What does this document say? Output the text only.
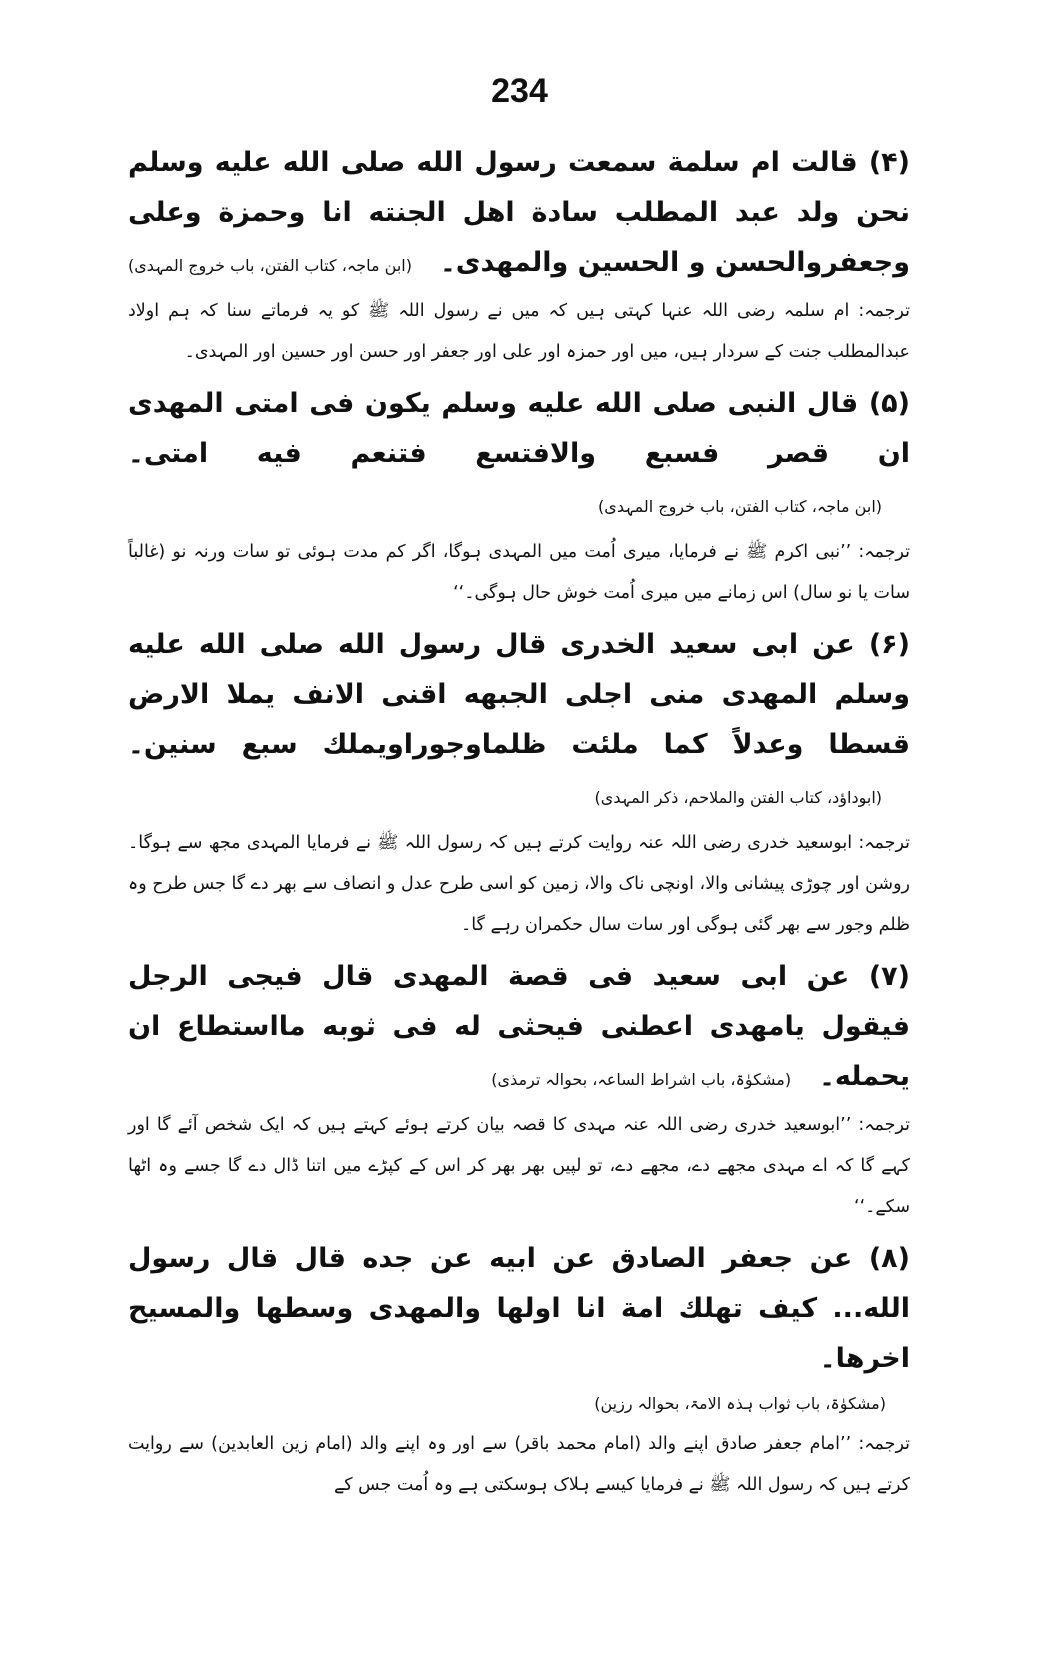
234

(۴) قالت ام سلمة سمعت رسول الله صلی الله علیه وسلم نحن ولد عبد المطلب سادة اهل الجنته انا وحمزة وعلی وجعفروالحسن و الحسین والمهدی۔(ابن ماجہ، کتاب الفتن، باب خروج المہدی)

ترجمہ: ام سلمہ رضی اللہ عنہا کہتی ہیں کہ میں نے رسول اللہ ﷺ کو یہ فرماتے سنا کہ ہم اولاد عبدالمطلب جنت کے سردار ہیں، میں اور حمزہ اور علی اور جعفر اور حسن اور حسین اور المہدی۔

(۵) قال النبی صلی الله علیه وسلم یکون فی امتی المهدی ان قصر فسبع والافتسع فتنعم فیه امتی۔(ابن ماجہ، کتاب الفتن، باب خروج المہدی)

ترجمہ: ’’نبی اکرم ﷺ نے فرمایا، میری اُمت میں المہدی ہوگا، اگر کم مدت ہوئی تو سات ورنہ نو (غالباً سات یا نو سال) اس زمانے میں میری اُمت خوش حال ہوگی۔‘‘

(۶) عن ابی سعید الخدری قال رسول الله صلی الله علیه وسلم المهدی منی اجلی الجبهه اقنی الانف یملا الارض قسطا وعدلاً کما ملئت ظلماوجوراویملك سبع سنین۔(ابوداؤد، کتاب الفتن والملاحم، ذکر المہدی)

ترجمہ: ابوسعید خدری رضی اللہ عنہ روایت کرتے ہیں کہ رسول اللہ ﷺ نے فرمایا المہدی مجھ سے ہوگا۔ روشن اور چوڑی پیشانی والا، اونچی ناک والا، زمین کو اسی طرح عدل و انصاف سے بھر دے گا جس طرح وہ ظلم وجور سے بھر گئی ہوگی اور سات سال حکمران رہے گا۔

(۷) عن ابی سعید فی قصة المهدی قال فیجی الرجل فیقول یامهدی اعطنی فیحثی له فی ثوبه مااستطاع ان یحمله۔(مشکوٰۃ، باب اشراط الساعہ، بحوالہ ترمذی)

ترجمہ: ’’ابوسعید خدری رضی اللہ عنہ مہدی کا قصہ بیان کرتے ہوئے کہتے ہیں کہ ایک شخص آئے گا اور کہے گا کہ اے مہدی مجھے دے، مجھے دے، تو لپیں بھر بھر کر اس کے کپڑے میں اتنا ڈال دے گا جسے وہ اٹھا سکے۔‘‘

(۸) عن جعفر الصادق عن ابیه عن جده قال قال رسول الله... کیف تهلك امة انا اولها والمهدی وسطها والمسیح اخرها۔

(مشکوٰۃ، باب ثواب ہذہ الامۃ، بحوالہ رزین)

ترجمہ: ’’امام جعفر صادق اپنے والد (امام محمد باقر) سے اور وہ اپنے والد (امام زین العابدین) سے روایت کرتے ہیں کہ رسول اللہ ﷺ نے فرمایا کیسے ہلاک ہوسکتی ہے وہ اُمت جس کے
